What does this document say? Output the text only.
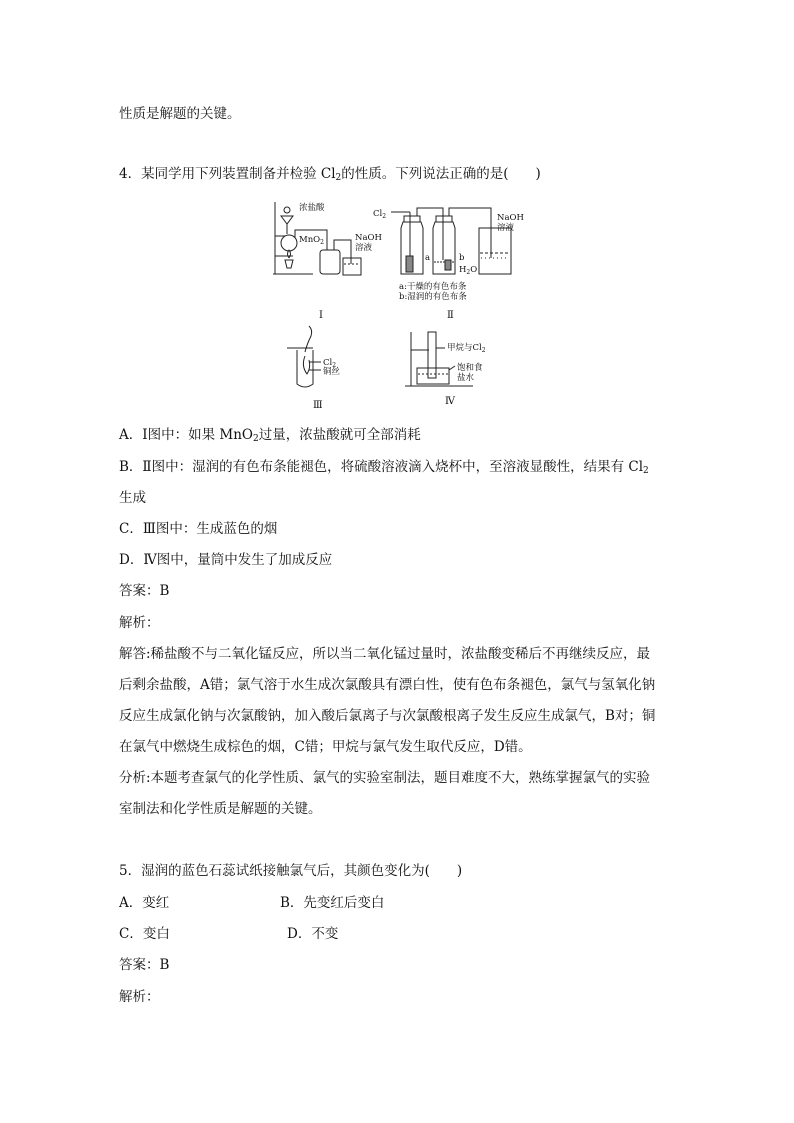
性质是解题的关键。
4．某同学用下列装置制备并检验 $Cl_2$的性质。下列说法正确的是(　　)
浓盐酸
MnO$_2$	NaOH
溶液
$Cl_2$	NaOH
溶液
a	b
$H_2O$
a:干燥的有色布条
b:湿润的有色布条
Ⅰ	Ⅱ
$Cl_2$
铜丝
Ⅲ
甲烷与$Cl_2$
饱和食
盐水
Ⅳ
A．Ⅰ图中：如果 MnO$_2$过量，浓盐酸就可全部消耗
B．Ⅱ图中：湿润的有色布条能褪色，将硫酸溶液滴入烧杯中，至溶液显酸性，结果有 $Cl_2$
生成
C．Ⅲ图中：生成蓝色的烟
D．Ⅳ图中，量筒中发生了加成反应
答案：B
解析：
解答:稀盐酸不与二氧化锰反应，所以当二氧化锰过量时，浓盐酸变稀后不再继续反应，最
后剩余盐酸，A错；氯气溶于水生成次氯酸具有漂白性，使有色布条褪色，氯气与氢氧化钠
反应生成氯化钠与次氯酸钠，加入酸后氯离子与次氯酸根离子发生反应生成氯气，B对；铜
在氯气中燃烧生成棕色的烟，C错；甲烷与氯气发生取代反应，D错。
分析:本题考查氯气的化学性质、氯气的实验室制法，题目难度不大，熟练掌握氯气的实验
室制法和化学性质是解题的关键。
5．湿润的蓝色石蕊试纸接触氯气后，其颜色变化为(　　)
A．变红	B．先变红后变白
C．变白	D．不变
答案：B
解析：
